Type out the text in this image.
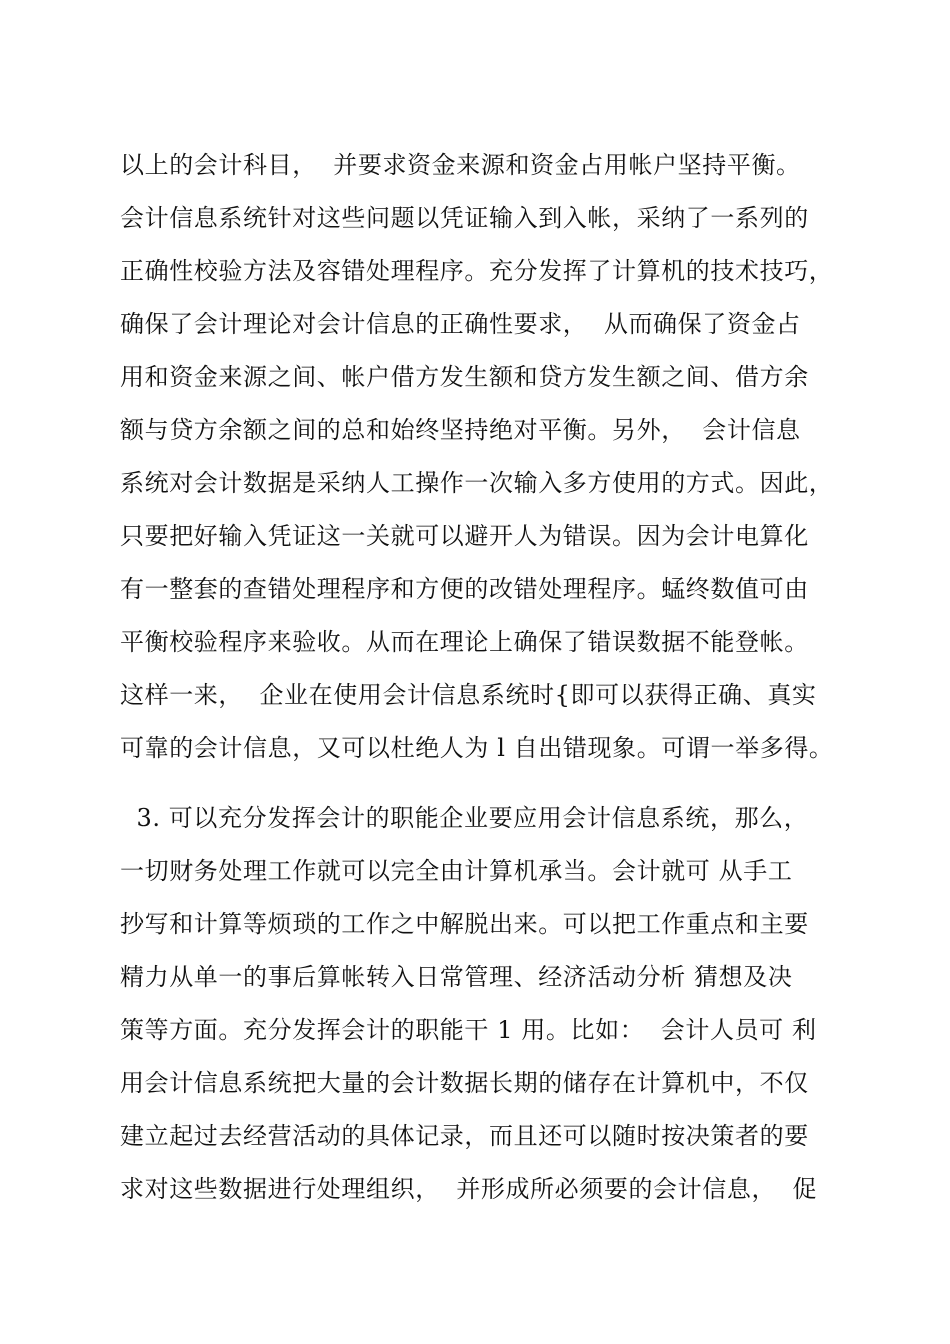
以上的会计科目，  并要求资金来源和资金占用帐户坚持平衡。
会计信息系统针对这些问题以凭证输入到入帐，采纳了一系列的
正确性校验方法及容错处理程序。充分发挥了计算机的技术技巧，
确保了会计理论对会计信息的正确性要求，  从而确保了资金占
用和资金来源之间、帐户借方发生额和贷方发生额之间、借方余
额与贷方余额之间的总和始终坚持绝对平衡。另外，  会计信息
系统对会计数据是采纳人工操作一次输入多方使用的方式。因此，
只要把好输入凭证这一关就可以避开人为错误。因为会计电算化
有一整套的查错处理程序和方便的改错处理程序。蜢终数值可由
平衡校验程序来验收。从而在理论上确保了错误数据不能登帐。
这样一来，  企业在使用会计信息系统时{即可以获得正确、真实
可靠的会计信息，又可以杜绝人为 l 自出错现象。可谓一举多得。
3. 可以充分发挥会计的职能企业要应用会计信息系统，那么，
一切财务处理工作就可以完全由计算机承当。会计就可 从手工
抄写和计算等烦琐的工作之中解脱出来。可以把工作重点和主要
精力从单一的事后算帐转入日常管理、经济活动分析 猜想及决
策等方面。充分发挥会计的职能干 1 用。比如：  会计人员可 利
用会计信息系统把大量的会计数据长期的储存在计算机中，不仅
建立起过去经营活动的具体记录，而且还可以随时按决策者的要
求对这些数据进行处理组织，  并形成所必须要的会计信息，  促
